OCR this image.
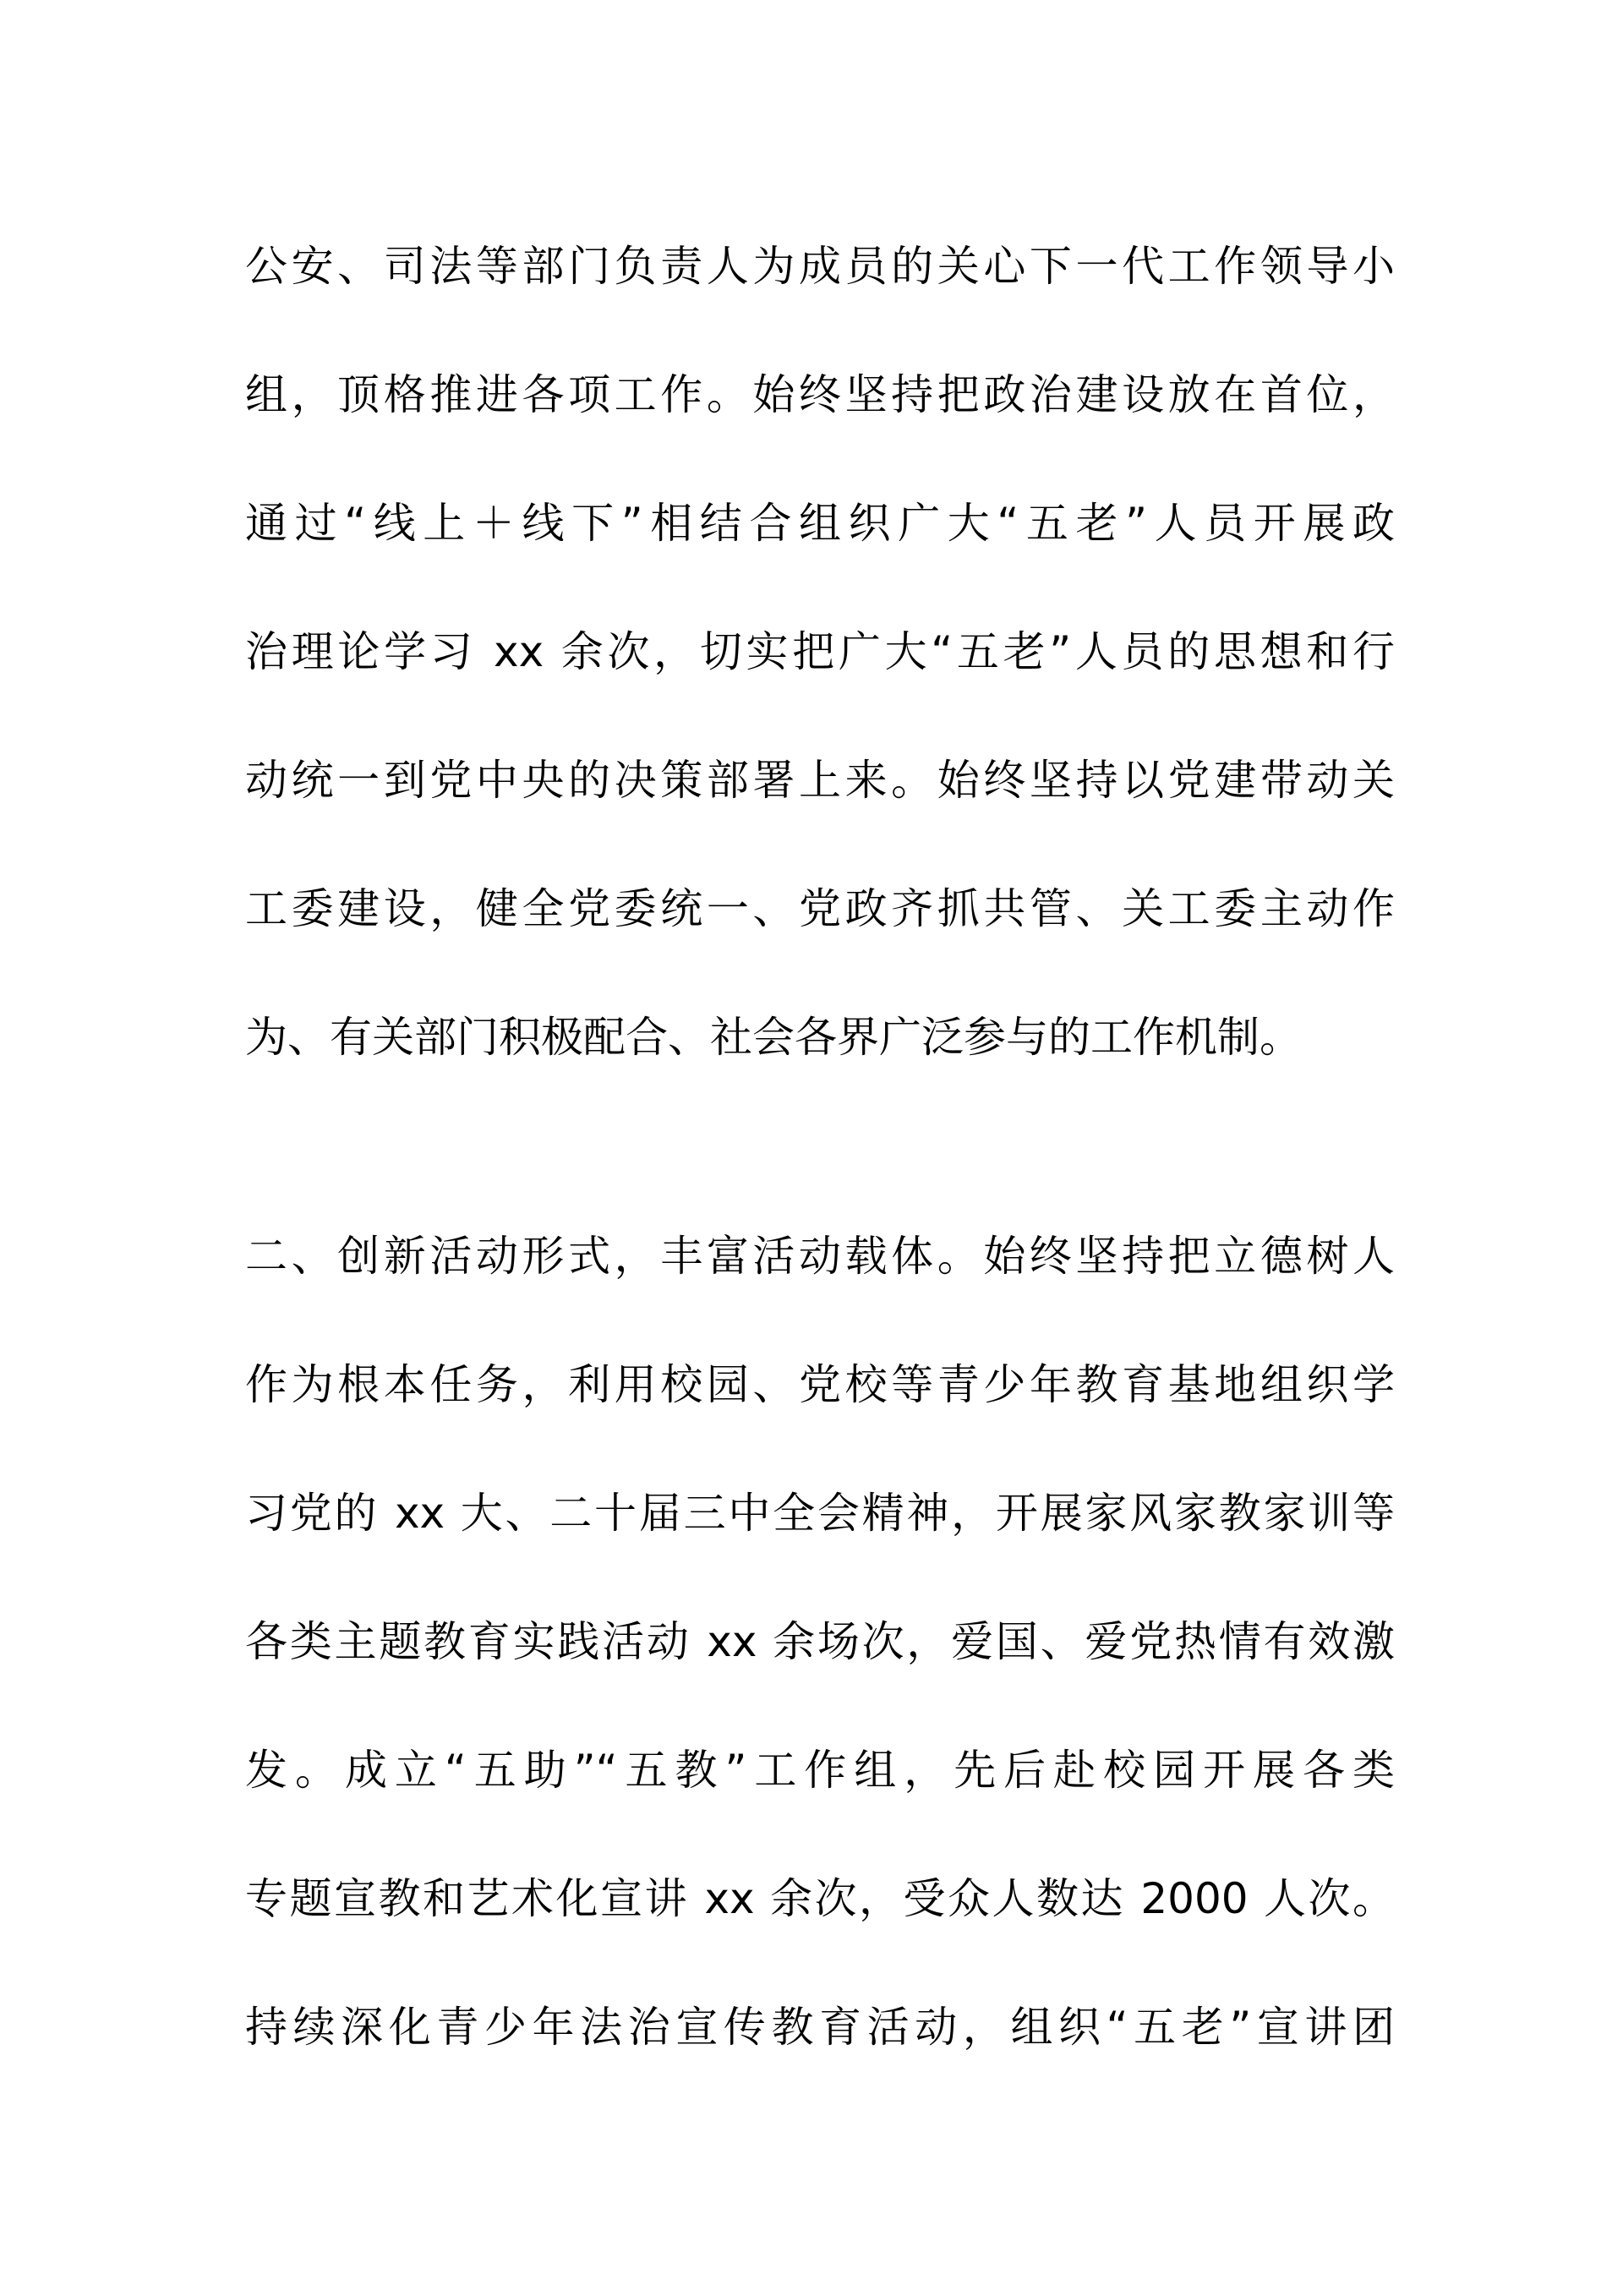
公安、司法等部门负责人为成员的关心下一代工作领导小
组，顶格推进各项工作。始终坚持把政治建设放在首位，
通过“线上＋线下”相结合组织广大“五老”人员开展政
治理论学习 xx 余次，切实把广大“五老”人员的思想和行
动统一到党中央的决策部署上来。始终坚持以党建带动关
工委建设，健全党委统一、党政齐抓共管、关工委主动作
为、有关部门积极配合、社会各界广泛参与的工作机制。
二、创新活动形式，丰富活动载体。始终坚持把立德树人
作为根本任务，利用校园、党校等青少年教育基地组织学
习党的 xx 大、二十届三中全会精神，开展家风家教家训等
各类主题教育实践活动 xx 余场次，爱国、爱党热情有效激
发。成立“五助”“五教”工作组，先后赴校园开展各类
专题宣教和艺术化宣讲 xx 余次，受众人数达 2000 人次。
持续深化青少年法治宣传教育活动，组织“五老”宣讲团
